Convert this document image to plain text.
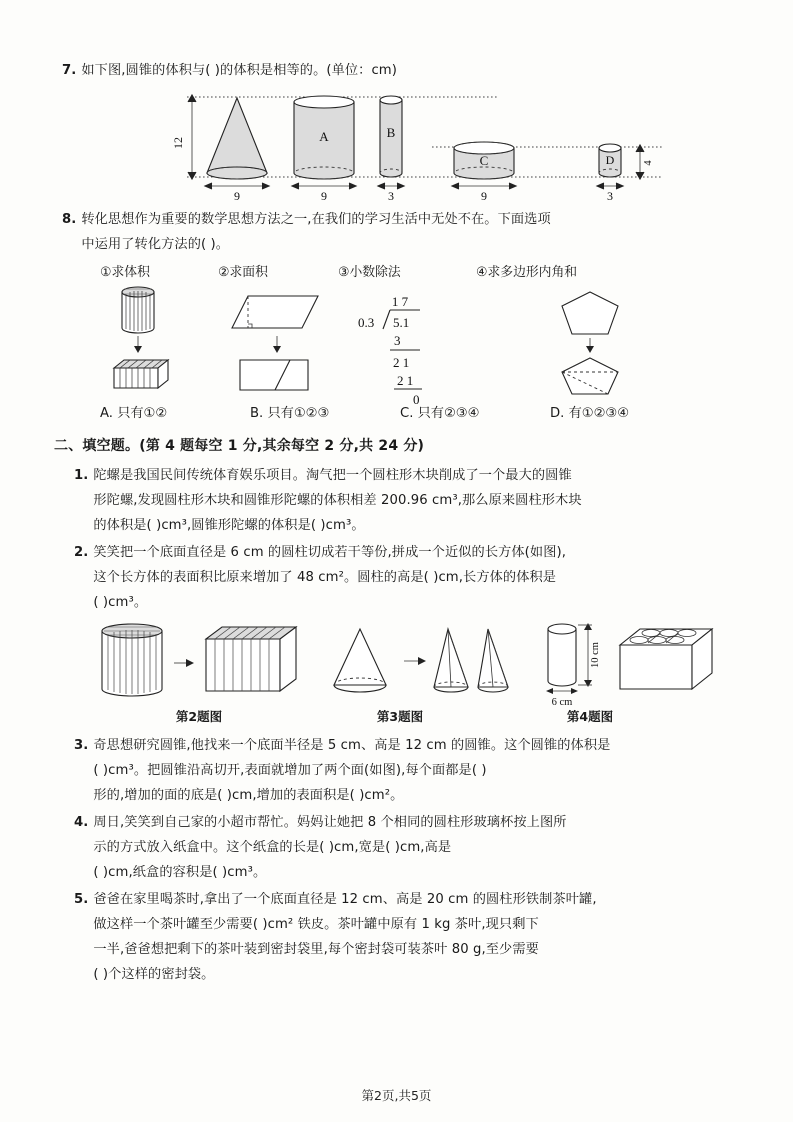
7. 如下图,圆锥的体积与( )的体积是相等的。(单位：cm)
12
9
A
9
B
3
C
9
D
3
4
8. 转化思想作为重要的数学思想方法之一,在我们的学习生活中无处不在。下面选项

中运用了转化方法的( )。

①求体积	②求面积	③小数除法	④求多边形内角和
1 7
0.3 5.1
3
2 1
2 1
0
A. 只有①②	B. 只有①②③	C. 只有②③④	D. 有①②③④
二、填空题。(第 4 题每空 1 分,其余每空 2 分,共 24 分)
1. 陀螺是我国民间传统体育娱乐项目。淘气把一个圆柱形木块削成了一个最大的圆锥

形陀螺,发现圆柱形木块和圆锥形陀螺的体积相差 200.96 cm³,那么原来圆柱形木块

的体积是( )cm³,圆锥形陀螺的体积是( )cm³。

2. 笑笑把一个底面直径是 6 cm 的圆柱切成若干等份,拼成一个近似的长方体(如图),

这个长方体的表面积比原来增加了 48 cm²。圆柱的高是( )cm,长方体的体积是

( )cm³。

10 cm
6 cm
第2题图	第3题图	第4题图
3. 奇思想研究圆锥,他找来一个底面半径是 5 cm、高是 12 cm 的圆锥。这个圆锥的体积是

( )cm³。把圆锥沿高切开,表面就增加了两个面(如图),每个面都是( )

形的,增加的面的底是( )cm,增加的表面积是( )cm²。

4. 周日,笑笑到自己家的小超市帮忙。妈妈让她把 8 个相同的圆柱形玻璃杯按上图所

示的方式放入纸盒中。这个纸盒的长是( )cm,宽是( )cm,高是

( )cm,纸盒的容积是( )cm³。

5. 爸爸在家里喝茶时,拿出了一个底面直径是 12 cm、高是 20 cm 的圆柱形铁制茶叶罐,

做这样一个茶叶罐至少需要( )cm² 铁皮。茶叶罐中原有 1 kg 茶叶,现只剩下

一半,爸爸想把剩下的茶叶装到密封袋里,每个密封袋可装茶叶 80 g,至少需要

( )个这样的密封袋。

第2页,共5页
